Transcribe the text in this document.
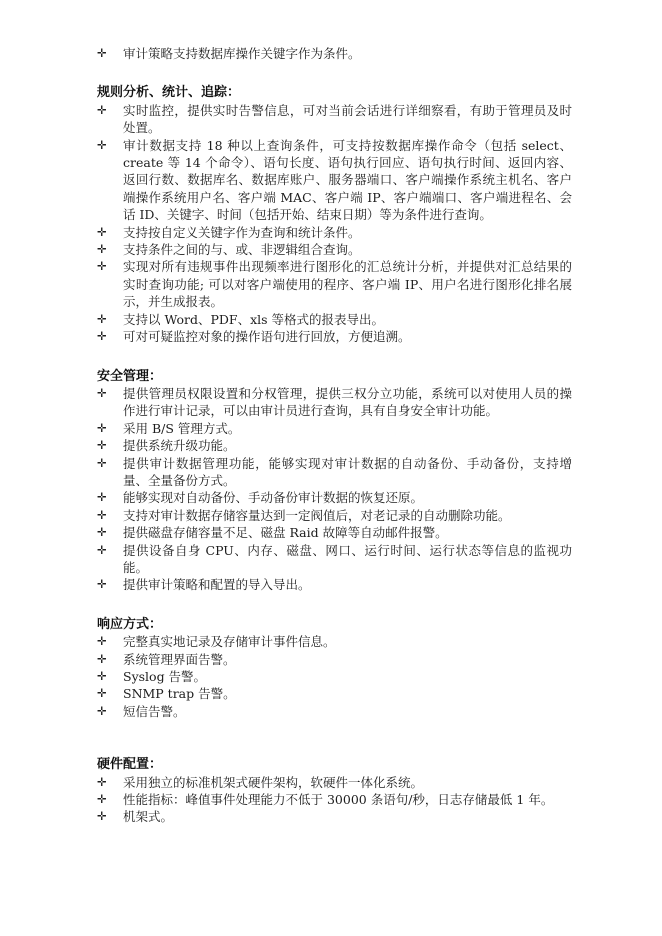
✛	审计策略支持数据库操作关键字作为条件。
规则分析、统计、追踪：
✛	实时监控，提供实时告警信息，可对当前会话进行详细察看，有助于管理员及时处置。
✛	审计数据支持 18 种以上查询条件，可支持按数据库操作命令（包括 select、create 等 14 个命令）、语句长度、语句执行回应、语句执行时间、返回内容、返回行数、数据库名、数据库账户、服务器端口、客户端操作系统主机名、客户端操作系统用户名、客户端 MAC、客户端 IP、客户端端口、客户端进程名、会话 ID、关键字、时间（包括开始、结束日期）等为条件进行查询。
✛	支持按自定义关键字作为查询和统计条件。
✛	支持条件之间的与、或、非逻辑组合查询。
✛	实现对所有违规事件出现频率进行图形化的汇总统计分析，并提供对汇总结果的实时查询功能; 可以对客户端使用的程序、客户端 IP、用户名进行图形化排名展示，并生成报表。
✛	支持以 Word、PDF、xls 等格式的报表导出。
✛	可对可疑监控对象的操作语句进行回放，方便追溯。
安全管理：
✛	提供管理员权限设置和分权管理，提供三权分立功能，系统可以对使用人员的操作进行审计记录，可以由审计员进行查询，具有自身安全审计功能。
✛	采用 B/S 管理方式。
✛	提供系统升级功能。
✛	提供审计数据管理功能，能够实现对审计数据的自动备份、手动备份，支持增量、全量备份方式。
✛	能够实现对自动备份、手动备份审计数据的恢复还原。
✛	支持对审计数据存储容量达到一定阀值后，对老记录的自动删除功能。
✛	提供磁盘存储容量不足、磁盘 Raid 故障等自动邮件报警。
✛	提供设备自身 CPU、内存、磁盘、网口、运行时间、运行状态等信息的监视功能。
✛	提供审计策略和配置的导入导出。
响应方式：
✛	完整真实地记录及存储审计事件信息。
✛	系统管理界面告警。
✛	Syslog 告警。
✛	SNMP trap 告警。
✛	短信告警。
硬件配置：
✛	采用独立的标准机架式硬件架构，软硬件一体化系统。
✛	性能指标：峰值事件处理能力不低于 30000 条语句/秒，日志存储最低 1 年。
✛	机架式。
